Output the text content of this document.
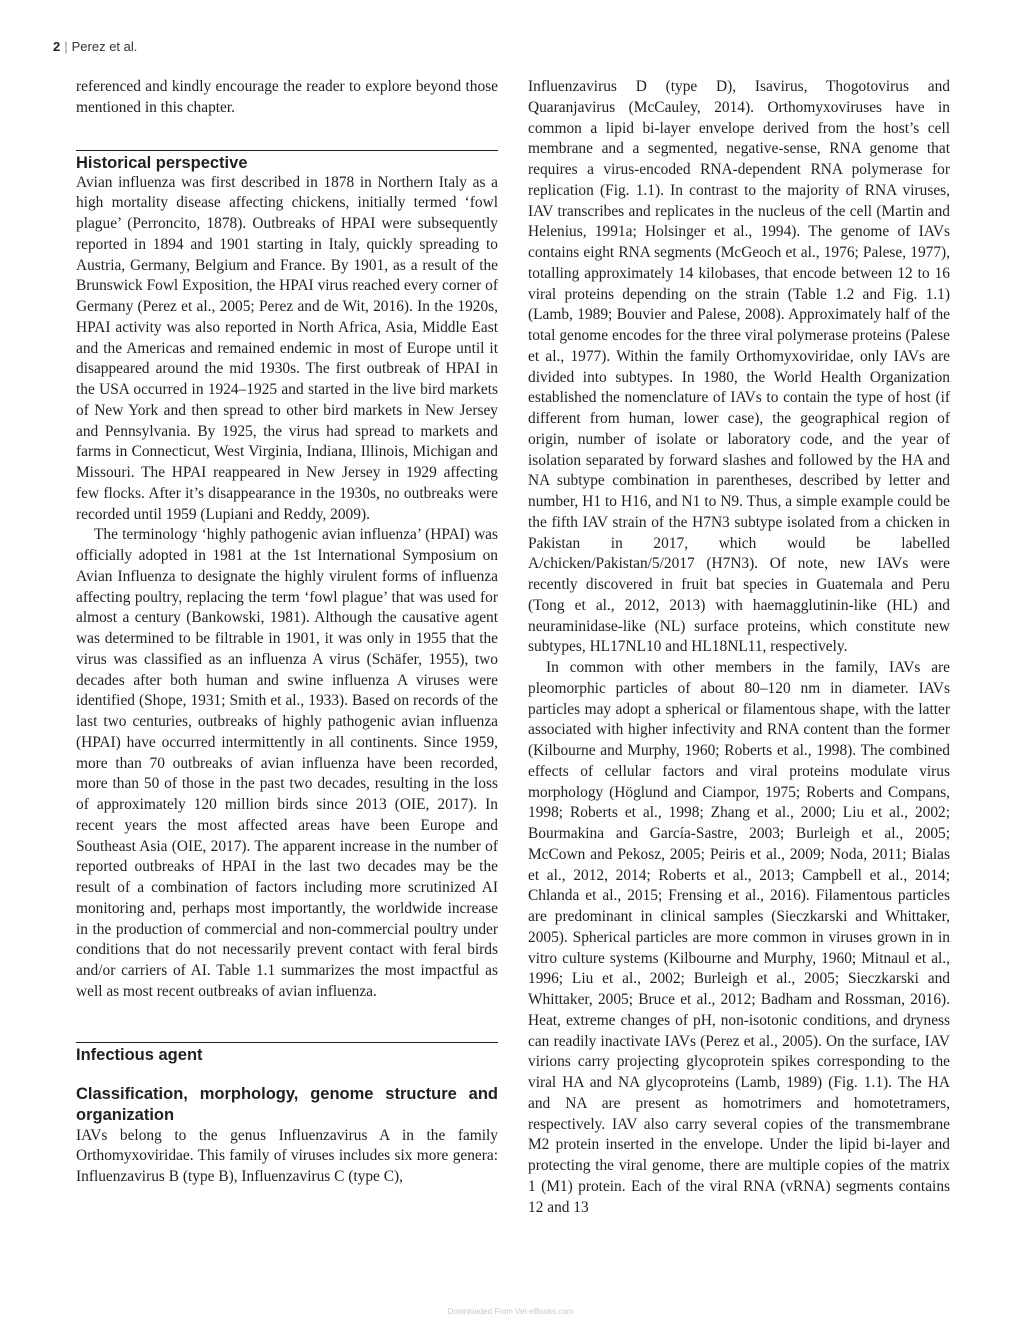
2 | Perez et al.

referenced and kindly encourage the reader to explore beyond those mentioned in this chapter.

Historical perspective

Avian influenza was first described in 1878 in Northern Italy as a high mortality disease affecting chickens, initially termed ‘fowl plague’ (Perroncito, 1878). Outbreaks of HPAI were subsequently reported in 1894 and 1901 starting in Italy, quickly spreading to Austria, Germany, Belgium and France. By 1901, as a result of the Brunswick Fowl Exposition, the HPAI virus reached every corner of Germany (Perez et al., 2005; Perez and de Wit, 2016). In the 1920s, HPAI activity was also reported in North Africa, Asia, Middle East and the Americas and remained endemic in most of Europe until it disappeared around the mid 1930s. The first outbreak of HPAI in the USA occurred in 1924–1925 and started in the live bird markets of New York and then spread to other bird markets in New Jersey and Pennsylvania. By 1925, the virus had spread to markets and farms in Connecticut, West Virginia, Indiana, Illinois, Michigan and Missouri. The HPAI reappeared in New Jersey in 1929 affecting few flocks. After it’s disappearance in the 1930s, no outbreaks were recorded until 1959 (Lupiani and Reddy, 2009).

The terminology ‘highly pathogenic avian influenza’ (HPAI) was officially adopted in 1981 at the 1st International Symposium on Avian Influenza to designate the highly virulent forms of influenza affecting poultry, replacing the term ‘fowl plague’ that was used for almost a century (Bankowski, 1981). Although the causative agent was determined to be filtrable in 1901, it was only in 1955 that the virus was classified as an influenza A virus (Schäfer, 1955), two decades after both human and swine influenza A viruses were identified (Shope, 1931; Smith et al., 1933). Based on records of the last two centuries, outbreaks of highly pathogenic avian influenza (HPAI) have occurred intermittently in all continents. Since 1959, more than 70 outbreaks of avian influenza have been recorded, more than 50 of those in the past two decades, resulting in the loss of approximately 120 million birds since 2013 (OIE, 2017). In recent years the most affected areas have been Europe and Southeast Asia (OIE, 2017). The apparent increase in the number of reported outbreaks of HPAI in the last two decades may be the result of a combination of factors including more scrutinized AI monitoring and, perhaps most importantly, the worldwide increase in the production of commercial and non-commercial poultry under conditions that do not necessarily prevent contact with feral birds and/or carriers of AI. Table 1.1 summarizes the most impactful as well as most recent outbreaks of avian influenza.

Infectious agent
Classification, morphology, genome structure and organization

IAVs belong to the genus Influenzavirus A in the family Orthomyxoviridae. This family of viruses includes six more genera: Influenzavirus B (type B), Influenzavirus C (type C),

Influenzavirus D (type D), Isavirus, Thogotovirus and Quaranjavirus (McCauley, 2014). Orthomyxoviruses have in common a lipid bi-layer envelope derived from the host’s cell membrane and a segmented, negative-sense, RNA genome that requires a virus-encoded RNA-dependent RNA polymerase for replication (Fig. 1.1). In contrast to the majority of RNA viruses, IAV transcribes and replicates in the nucleus of the cell (Martin and Helenius, 1991a; Holsinger et al., 1994). The genome of IAVs contains eight RNA segments (McGeoch et al., 1976; Palese, 1977), totalling approximately 14 kilobases, that encode between 12 to 16 viral proteins depending on the strain (Table 1.2 and Fig. 1.1) (Lamb, 1989; Bouvier and Palese, 2008). Approximately half of the total genome encodes for the three viral polymerase proteins (Palese et al., 1977). Within the family Orthomyxoviridae, only IAVs are divided into subtypes. In 1980, the World Health Organization established the nomenclature of IAVs to contain the type of host (if different from human, lower case), the geographical region of origin, number of isolate or laboratory code, and the year of isolation separated by forward slashes and followed by the HA and NA subtype combination in parentheses, described by letter and number, H1 to H16, and N1 to N9. Thus, a simple example could be the fifth IAV strain of the H7N3 subtype isolated from a chicken in Pakistan in 2017, which would be labelled A/chicken/Pakistan/5/2017 (H7N3). Of note, new IAVs were recently discovered in fruit bat species in Guatemala and Peru (Tong et al., 2012, 2013) with haemagglutinin-like (HL) and neuraminidase-like (NL) surface proteins, which constitute new subtypes, HL17NL10 and HL18NL11, respectively.

In common with other members in the family, IAVs are pleomorphic particles of about 80–120 nm in diameter. IAVs particles may adopt a spherical or filamentous shape, with the latter associated with higher infectivity and RNA content than the former (Kilbourne and Murphy, 1960; Roberts et al., 1998). The combined effects of cellular factors and viral proteins modulate virus morphology (Höglund and Ciampor, 1975; Roberts and Compans, 1998; Roberts et al., 1998; Zhang et al., 2000; Liu et al., 2002; Bourmakina and García-Sastre, 2003; Burleigh et al., 2005; McCown and Pekosz, 2005; Peiris et al., 2009; Noda, 2011; Bialas et al., 2012, 2014; Roberts et al., 2013; Campbell et al., 2014; Chlanda et al., 2015; Frensing et al., 2016). Filamentous particles are predominant in clinical samples (Sieczkarski and Whittaker, 2005). Spherical particles are more common in viruses grown in in vitro culture systems (Kilbourne and Murphy, 1960; Mitnaul et al., 1996; Liu et al., 2002; Burleigh et al., 2005; Sieczkarski and Whittaker, 2005; Bruce et al., 2012; Badham and Rossman, 2016). Heat, extreme changes of pH, non-isotonic conditions, and dryness can readily inactivate IAVs (Perez et al., 2005). On the surface, IAV virions carry projecting glycoprotein spikes corresponding to the viral HA and NA glycoproteins (Lamb, 1989) (Fig. 1.1). The HA and NA are present as homotrimers and homotetramers, respectively. IAV also carry several copies of the transmembrane M2 protein inserted in the envelope. Under the lipid bi-layer and protecting the viral genome, there are multiple copies of the matrix 1 (M1) protein. Each of the viral RNA (vRNA) segments contains 12 and 13

Downloaded From Vet-eBooks.com
